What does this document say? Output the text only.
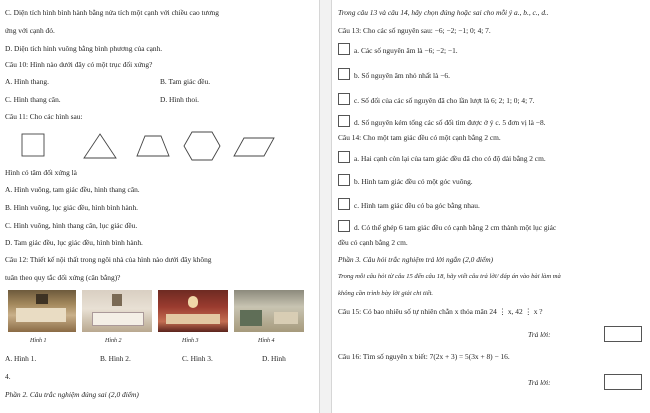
C. Diện tích hình bình hành bằng nửa tích một cạnh với chiều cao tương
ứng với cạnh đó.
D. Diện tích hình vuông bằng bình phương của cạnh.
Câu 10: Hình nào dưới đây có một trục đối xứng?
A. Hình thang.	B. Tam giác đều.
C. Hình thang cân.	D. Hình thoi.
Câu 11: Cho các hình sau:
Hình có tâm đối xứng là
A. Hình vuông, tam giác đều, hình thang cân.
B. Hình vuông, lục giác đều, hình bình hành.
C. Hình vuông, hình thang cân, lục giác đều.
D. Tam giác đều, lục giác đều, hình bình hành.
Câu 12: Thiết kế nội thất trong ngôi nhà của hình nào dưới đây không
tuân theo quy tắc đối xứng (cân bằng)?
Hình 1	Hình 2	Hình 3	Hình 4
A. Hình 1.	B. Hình 2.	C. Hình 3.	D. Hình
4.
Phần 2. Câu trắc nghiệm đúng sai (2,0 điểm)
Trong câu 13 và câu 14, hãy chọn đúng hoặc sai cho mỗi ý a., b., c., d..
Câu 13: Cho các số nguyên sau: −6; −2; −1; 0; 4; 7.
a. Các số nguyên âm là −6; −2; −1.
b. Số nguyên âm nhỏ nhất là −6.
c. Số đối của các số nguyên đã cho lần lượt là 6; 2; 1; 0; 4; 7.
d. Số nguyên kém tổng các số đối tìm được ở ý c. 5 đơn vị là −8.
Câu 14: Cho một tam giác đều có một cạnh bằng 2 cm.
a. Hai cạnh còn lại của tam giác đều đã cho có độ dài bằng 2 cm.
b. Hình tam giác đều có một góc vuông.
c. Hình tam giác đều có ba góc bằng nhau.
d. Có thể ghép 6 tam giác đều có cạnh bằng 2 cm thành một lục giác
đều có cạnh bằng 2 cm.
Phần 3. Câu hỏi trắc nghiệm trả lời ngắn (2,0 điểm)
Trong mỗi câu hỏi từ câu 15 đến câu 18, hãy viết câu trả lời/ đáp án vào bài làm mà
không cần trình bày lời giải chi tiết.
Câu 15: Có bao nhiêu số tự nhiên chẵn x thỏa mãn 24 ⋮ x, 42 ⋮ x ?
Trả lời:
Câu 16: Tìm số nguyên x biết: 7(2x + 3) = 5(3x + 8) − 16.
Trả lời:
